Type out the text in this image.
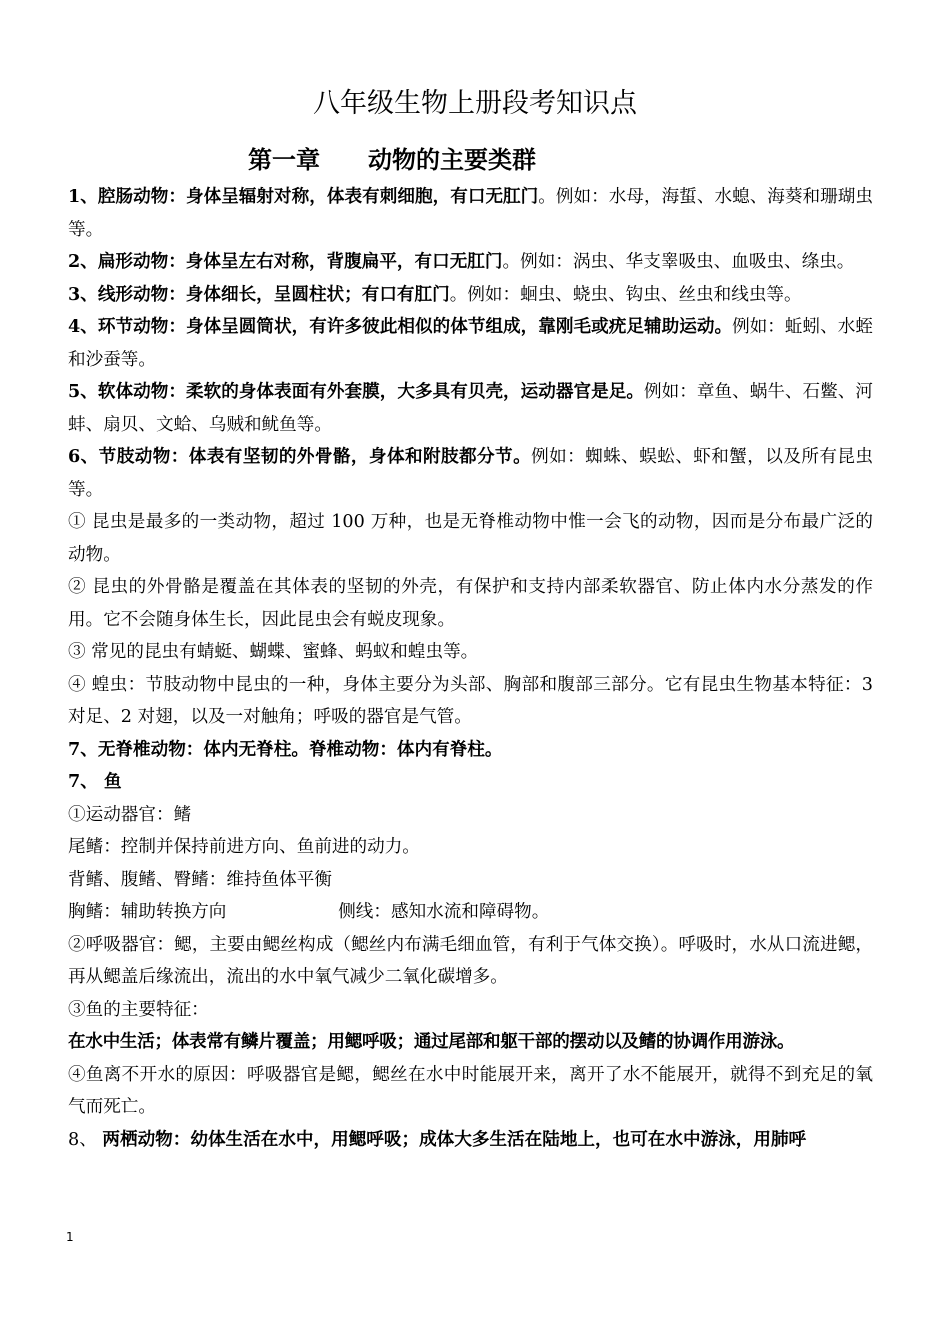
八年级生物上册段考知识点
第一章　　动物的主要类群

1、腔肠动物：身体呈辐射对称，体表有刺细胞，有口无肛门。例如：水母，海蜇、水螅、海葵和珊瑚虫等。

2、扁形动物：身体呈左右对称，背腹扁平，有口无肛门。例如：涡虫、华支睾吸虫、血吸虫、绦虫。

3、线形动物：身体细长，呈圆柱状；有口有肛门。例如：蛔虫、蛲虫、钩虫、丝虫和线虫等。

4、环节动物：身体呈圆筒状，有许多彼此相似的体节组成，靠刚毛或疣足辅助运动。例如：蚯蚓、水蛭和沙蚕等。

5、软体动物：柔软的身体表面有外套膜，大多具有贝壳，运动器官是足。例如：章鱼、蜗牛、石鳖、河蚌、扇贝、文蛤、乌贼和鱿鱼等。

6、节肢动物：体表有坚韧的外骨骼，身体和附肢都分节。例如：蜘蛛、蜈蚣、虾和蟹，以及所有昆虫等。

① 昆虫是最多的一类动物，超过 100 万种，也是无脊椎动物中惟一会飞的动物，因而是分布最广泛的动物。

② 昆虫的外骨骼是覆盖在其体表的坚韧的外壳，有保护和支持内部柔软器官、防止体内水分蒸发的作用。它不会随身体生长，因此昆虫会有蜕皮现象。

③ 常见的昆虫有蜻蜓、蝴蝶、蜜蜂、蚂蚁和蝗虫等。

④ 蝗虫：节肢动物中昆虫的一种，身体主要分为头部、胸部和腹部三部分。它有昆虫生物基本特征：3 对足、2 对翅，以及一对触角；呼吸的器官是气管。

7、无脊椎动物：体内无脊柱。脊椎动物：体内有脊柱。

7、 鱼

①运动器官：鳍

尾鳍：控制并保持前进方向、鱼前进的动力。

背鳍、腹鳍、臀鳍：维持鱼体平衡

胸鳍：辅助转换方向                    侧线：感知水流和障碍物。

②呼吸器官：鳃，主要由鳃丝构成（鳃丝内布满毛细血管，有利于气体交换）。呼吸时，水从口流进鳃，再从鳃盖后缘流出，流出的水中氧气减少二氧化碳增多。

③鱼的主要特征：

在水中生活；体表常有鳞片覆盖；用鳃呼吸；通过尾部和躯干部的摆动以及鳍的协调作用游泳。

④鱼离不开水的原因：呼吸器官是鳃，鳃丝在水中时能展开来，离开了水不能展开，就得不到充足的氧气而死亡。

8、 两栖动物：幼体生活在水中，用鳃呼吸；成体大多生活在陆地上，也可在水中游泳，用肺呼

1
